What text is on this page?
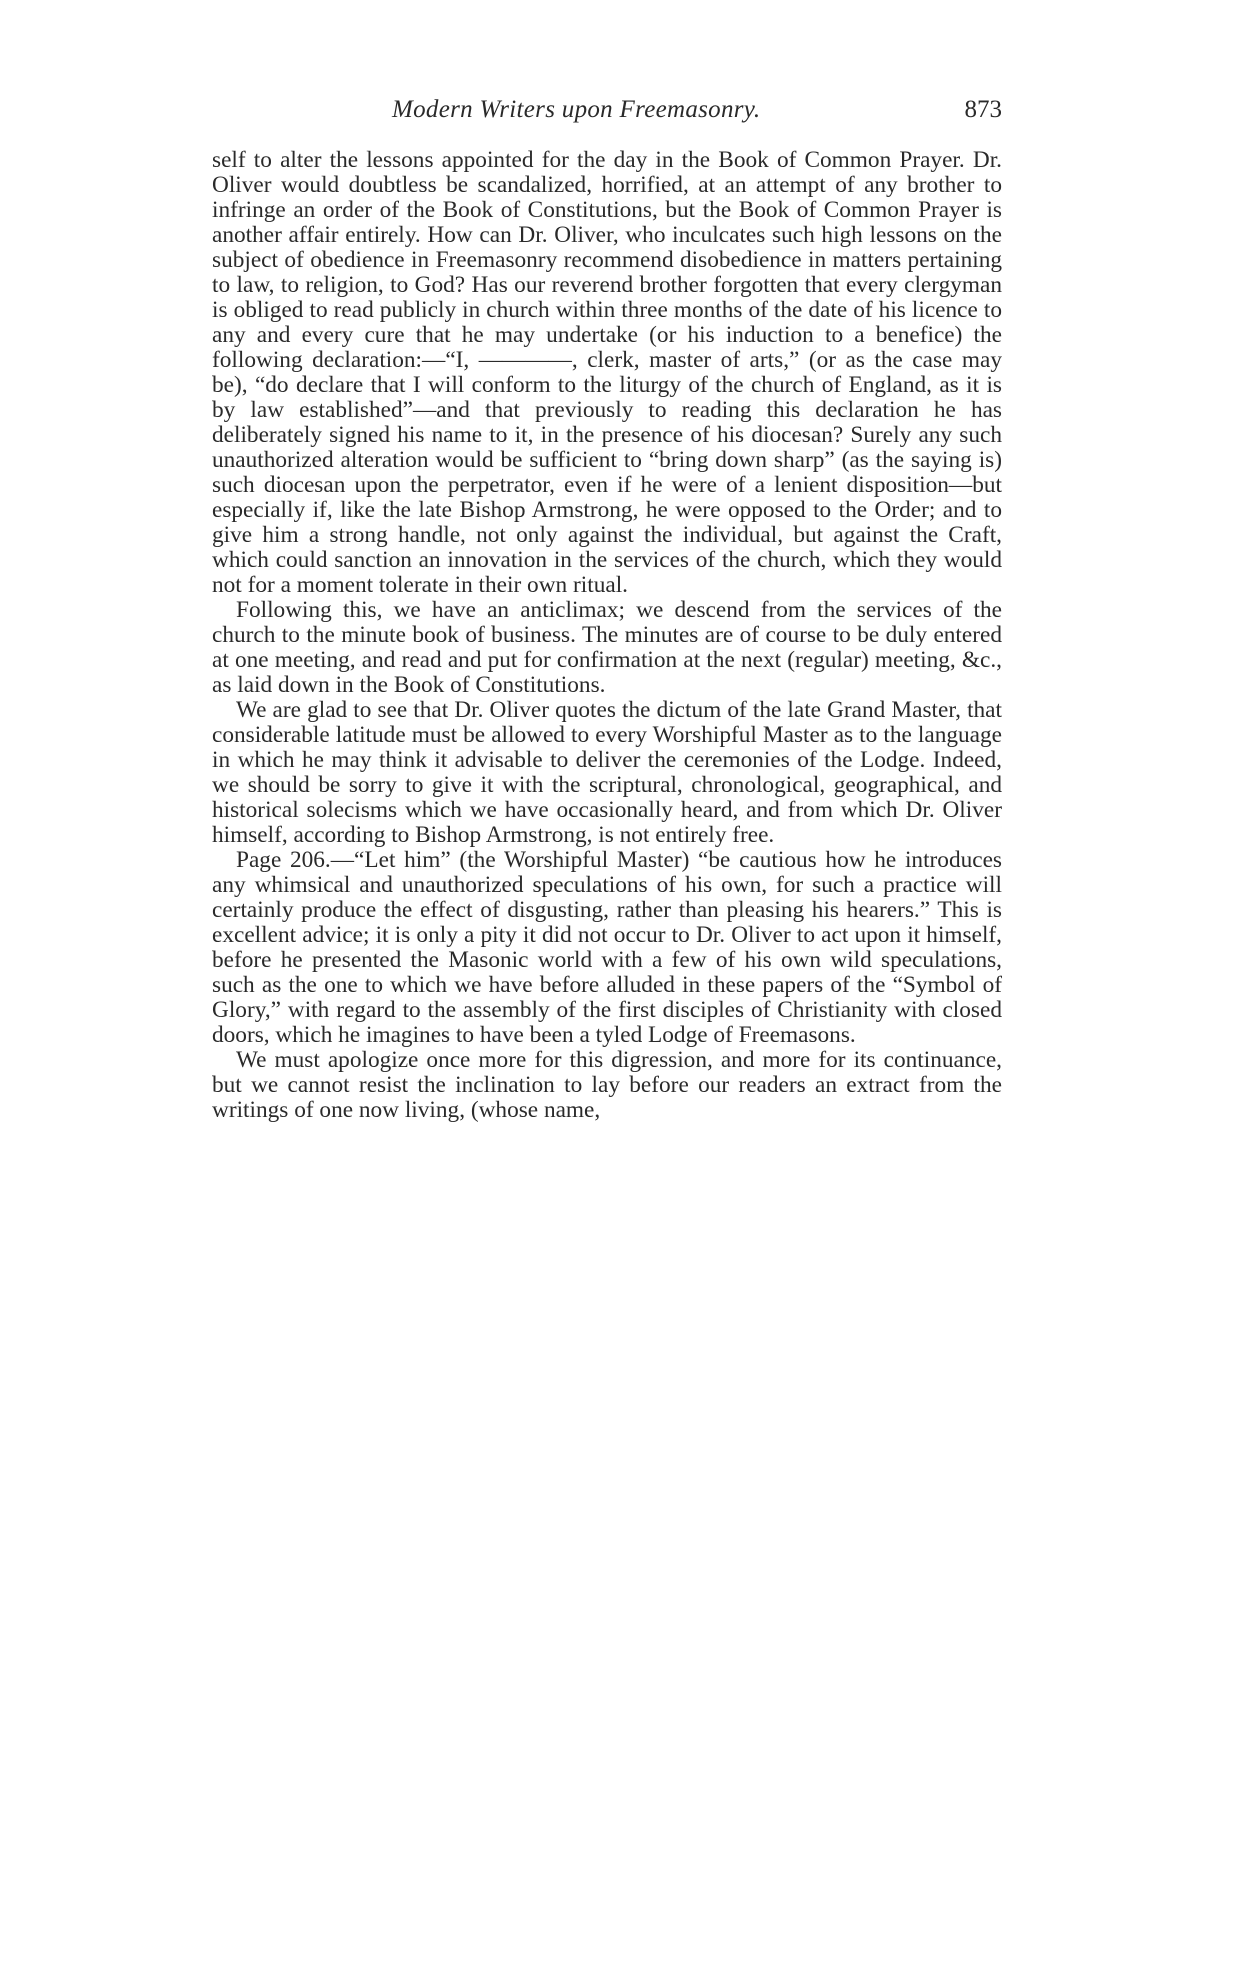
Modern Writers upon Freemasonry.	873

self to alter the lessons appointed for the day in the Book of Common Prayer. Dr. Oliver would doubtless be scandalized, horrified, at an attempt of any brother to infringe an order of the Book of Constitutions, but the Book of Common Prayer is another affair entirely. How can Dr. Oliver, who inculcates such high lessons on the subject of obedience in Freemasonry recommend disobedience in matters pertaining to law, to religion, to God? Has our reverend brother forgotten that every clergyman is obliged to read publicly in church within three months of the date of his licence to any and every cure that he may undertake (or his induction to a benefice) the following declaration:—“I, ————, clerk, master of arts,” (or as the case may be), “do declare that I will conform to the liturgy of the church of England, as it is by law established”—and that previously to reading this declaration he has deliberately signed his name to it, in the presence of his diocesan? Surely any such unauthorized alteration would be sufficient to “bring down sharp” (as the saying is) such diocesan upon the perpetrator, even if he were of a lenient disposition—but especially if, like the late Bishop Armstrong, he were opposed to the Order; and to give him a strong handle, not only against the individual, but against the Craft, which could sanction an innovation in the services of the church, which they would not for a moment tolerate in their own ritual.

Following this, we have an anticlimax; we descend from the services of the church to the minute book of business. The minutes are of course to be duly entered at one meeting, and read and put for confirmation at the next (regular) meeting, &c., as laid down in the Book of Constitutions.

We are glad to see that Dr. Oliver quotes the dictum of the late Grand Master, that considerable latitude must be allowed to every Worshipful Master as to the language in which he may think it advisable to deliver the ceremonies of the Lodge. Indeed, we should be sorry to give it with the scriptural, chronological, geographical, and historical solecisms which we have occasionally heard, and from which Dr. Oliver himself, according to Bishop Armstrong, is not entirely free.

Page 206.—“Let him” (the Worshipful Master) “be cautious how he introduces any whimsical and unauthorized speculations of his own, for such a practice will certainly produce the effect of disgusting, rather than pleasing his hearers.” This is excellent advice; it is only a pity it did not occur to Dr. Oliver to act upon it himself, before he presented the Masonic world with a few of his own wild speculations, such as the one to which we have before alluded in these papers of the “Symbol of Glory,” with regard to the assembly of the first disciples of Christianity with closed doors, which he imagines to have been a tyled Lodge of Freemasons.

We must apologize once more for this digression, and more for its continuance, but we cannot resist the inclination to lay before our readers an extract from the writings of one now living, (whose name,
